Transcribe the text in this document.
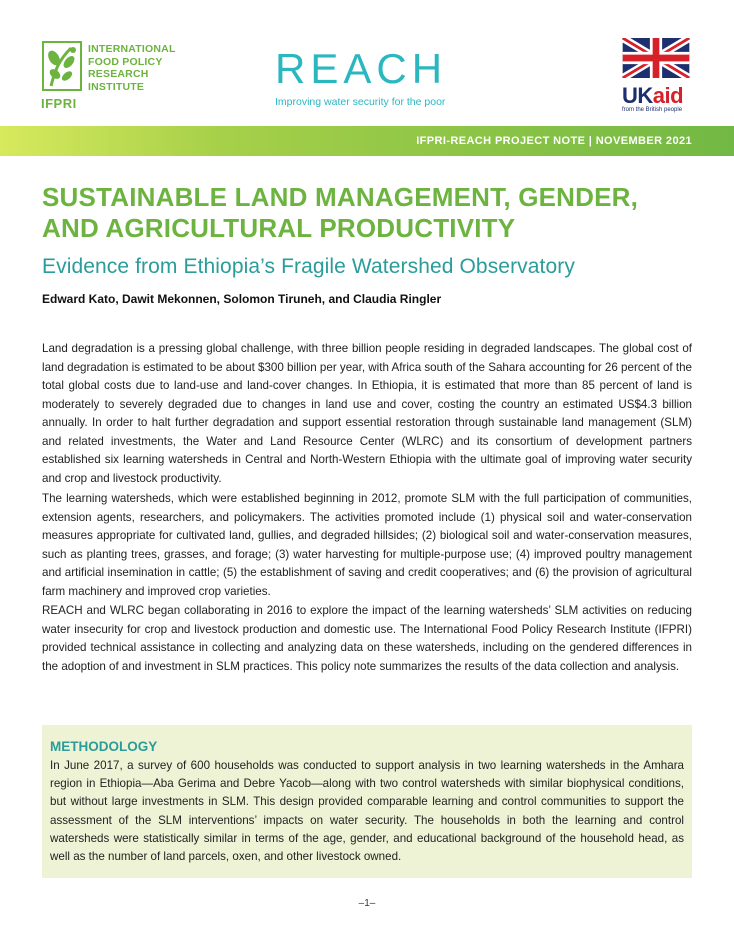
INTERNATIONAL
FOOD POLICY
RESEARCH
INSTITUTE
IFPRI
REACH
Improving water security for the poor	UKaid
from the British people
IFPRI-REACH PROJECT NOTE | NOVEMBER 2021
SUSTAINABLE LAND MANAGEMENT, GENDER,
AND AGRICULTURAL PRODUCTIVITY
Evidence from Ethiopia’s Fragile Watershed Observatory
Edward Kato, Dawit Mekonnen, Solomon Tiruneh, and Claudia Ringler
Land degradation is a pressing global challenge, with three billion people residing in degraded landscapes. The global cost of land degradation is estimated to be about $300 billion per year, with Africa south of the Sahara accounting for 26 percent of the total global costs due to land-use and land-cover changes. In Ethiopia, it is estimated that more than 85 percent of land is moderately to severely degraded due to changes in land use and cover, costing the country an estimated US$4.3 billion annually. In order to halt further degradation and support essential restoration through sustainable land management (SLM) and related investments, the Water and Land Resource Center (WLRC) and its consortium of development partners established six learning watersheds in Central and North-Western Ethiopia with the ultimate goal of improving water security and crop and livestock productivity.
The learning watersheds, which were established beginning in 2012, promote SLM with the full participation of communities, extension agents, researchers, and policymakers. The activities promoted include (1) physical soil and water-conservation measures appropriate for cultivated land, gullies, and degraded hillsides; (2) biological soil and water-conservation measures, such as planting trees, grasses, and forage; (3) water harvesting for multiple-purpose use; (4) improved poultry management and artificial insemination in cattle; (5) the establishment of saving and credit cooperatives; and (6) the provision of agricultural farm machinery and improved crop varieties.
REACH and WLRC began collaborating in 2016 to explore the impact of the learning watersheds’ SLM activities on reducing water insecurity for crop and livestock production and domestic use. The International Food Policy Research Institute (IFPRI) provided technical assistance in collecting and analyzing data on these watersheds, including on the gendered differences in the adoption of and investment in SLM practices. This policy note summarizes the results of the data collection and analysis.
METHODOLOGY
In June 2017, a survey of 600 households was conducted to support analysis in two learning watersheds in the Amhara region in Ethiopia—Aba Gerima and Debre Yacob—along with two control watersheds with similar biophysical conditions, but without large investments in SLM. This design provided comparable learning and control communities to support the assessment of the SLM interventions’ impacts on water security. The households in both the learning and control watersheds were statistically similar in terms of the age, gender, and educational background of the household head, as well as the number of land parcels, oxen, and other livestock owned.
–1–
